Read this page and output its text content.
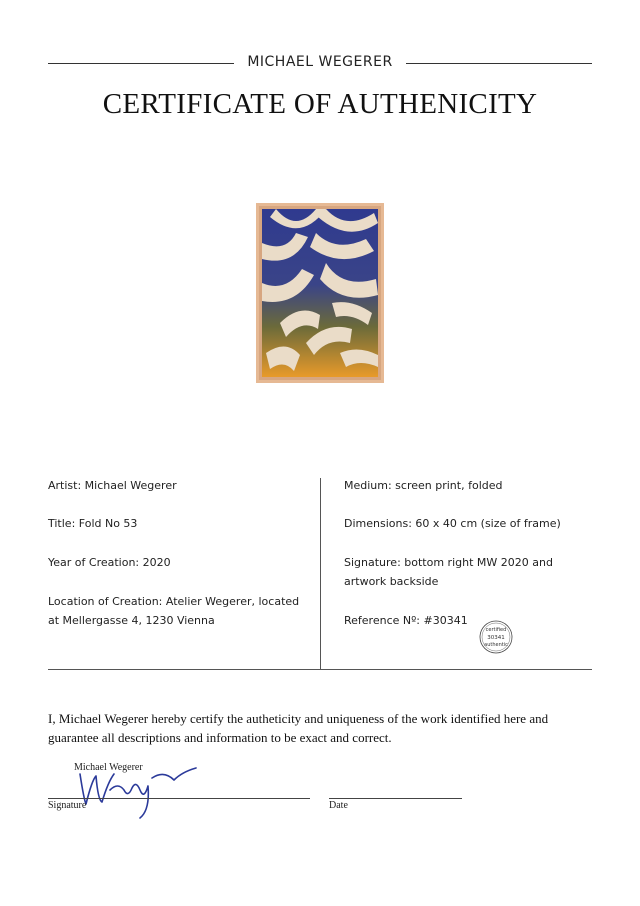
MICHAEL WEGERER
CERTIFICATE OF AUTHENICITY
Artist: Michael Wegerer
Title: Fold No 53
Year of Creation: 2020
Location of Creation: Atelier Wegerer, located
at Mellergasse 4, 1230 Vienna
Medium: screen print, folded
Dimensions: 60 x 40 cm (size of frame)
Signature: bottom right MW 2020 and
artwork backside
Reference Nº: #30341
certified
30341
authentic
I, Michael Wegerer hereby certify the autheticity and uniqueness of the work identified here and
guarantee all descriptions and information to be exact and correct.
Michael Wegerer
Signature	Date
